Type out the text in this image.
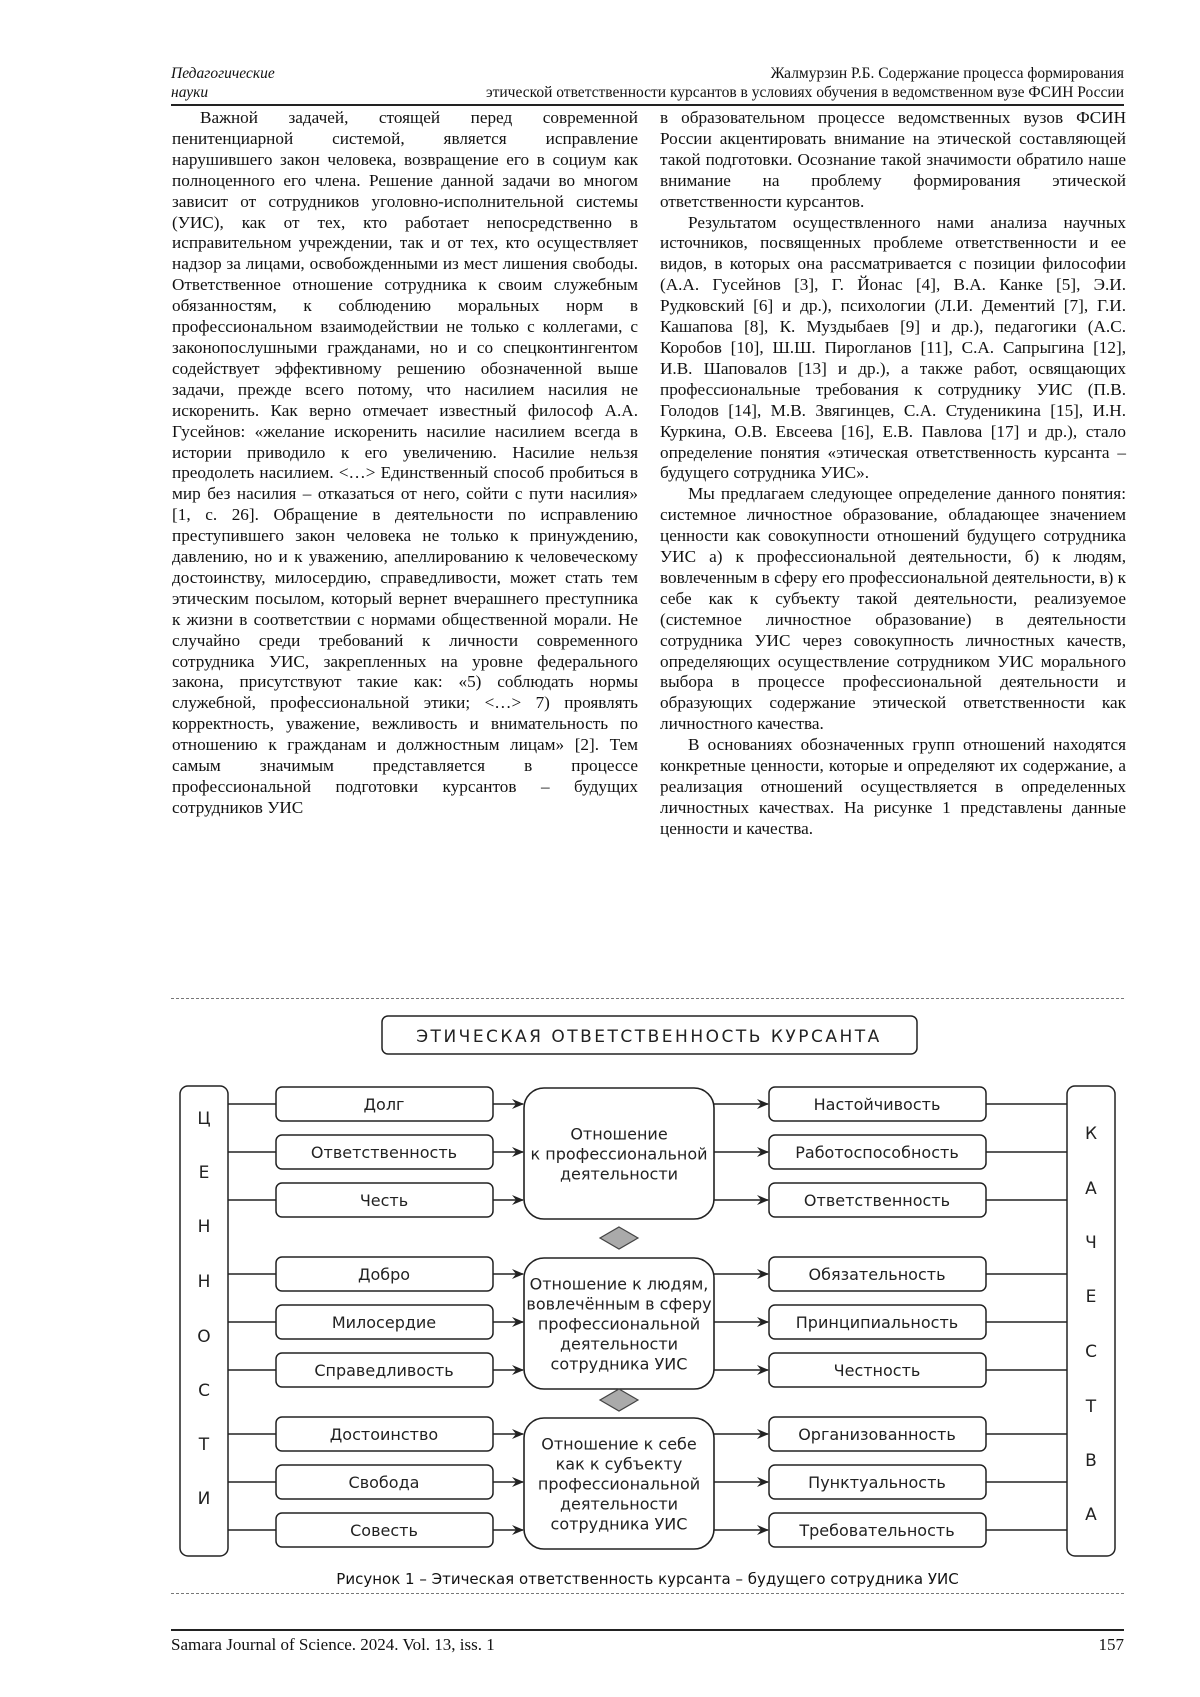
Педагогические
науки
Жалмурзин Р.Б. Содержание процесса формирования
этической ответственности курсантов в условиях обучения в ведомственном вузе ФСИН России

Важной задачей, стоящей перед современной пенитенциарной системой, является исправление нарушившего закон человека, возвращение его в социум как полноценного его члена. Решение данной задачи во многом зависит от сотрудников уголовно-исполнительной системы (УИС), как от тех, кто работает непосредственно в исправительном учреждении, так и от тех, кто осуществляет надзор за лицами, освобожденными из мест лишения свободы. Ответственное отношение сотрудника к своим служебным обязанностям, к соблюдению моральных норм в профессиональном взаимодействии не только с коллегами, с законопослушными гражданами, но и со спецконтингентом содействует эффективному решению обозначенной выше задачи, прежде всего потому, что насилием насилия не искоренить. Как верно отмечает известный философ А.А. Гусейнов: «желание искоренить насилие насилием всегда в истории приводило к его увеличению. Насилие нельзя преодолеть насилием. <…> Единственный способ пробиться в мир без насилия – отказаться от него, сойти с пути насилия» [1, с. 26]. Обращение в деятельности по исправлению преступившего закон человека не только к принуждению, давлению, но и к уважению, апеллированию к человеческому достоинству, милосердию, справедливости, может стать тем этическим посылом, который вернет вчерашнего преступника к жизни в соответствии с нормами общественной морали. Не случайно среди требований к личности современного сотрудника УИС, закрепленных на уровне федерального закона, присутствуют такие как: «5) соблюдать нормы служебной, профессиональной этики; <…> 7) проявлять корректность, уважение, вежливость и внимательность по отношению к гражданам и должностным лицам» [2]. Тем самым значимым представляется в процессе профессиональной подготовки курсантов – будущих сотрудников УИС

в образовательном процессе ведомственных вузов ФСИН России акцентировать внимание на этической составляющей такой подготовки. Осознание такой значимости обратило наше внимание на проблему формирования этической ответственности курсантов.

Результатом осуществленного нами анализа научных источников, посвященных проблеме ответственности и ее видов, в которых она рассматривается с позиции философии (А.А. Гусейнов [3], Г. Йонас [4], В.А. Канке [5], Э.И. Рудковский [6] и др.), психологии (Л.И. Дементий [7], Г.И. Кашапова [8], К. Муздыбаев [9] и др.), педагогики (А.С. Коробов [10], Ш.Ш. Пирогланов [11], С.А. Сапрыгина [12], И.В. Шаповалов [13] и др.), а также работ, освящающих профессиональные требования к сотруднику УИС (П.В. Голодов [14], М.В. Звягинцев, С.А. Студеникина [15], И.Н. Куркина, О.В. Евсеева [16], Е.В. Павлова [17] и др.), стало определение понятия «этическая ответственность курсанта – будущего сотрудника УИС».

Мы предлагаем следующее определение данного понятия: системное личностное образование, обладающее значением ценности как совокупности отношений будущего сотрудника УИС а) к профессиональной деятельности, б) к людям, вовлеченным в сферу его профессиональной деятельности, в) к себе как к субъекту такой деятельности, реализуемое (системное личностное образование) в деятельности сотрудника УИС через совокупность личностных качеств, определяющих осуществление сотрудником УИС морального выбора в процессе профессиональной деятельности и образующих содержание этической ответственности как личностного качества.

В основаниях обозначенных групп отношений находятся конкретные ценности, которые и определяют их содержание, а реализация отношений осуществляется в определенных личностных качествах. На рисунке 1 представлены данные ценности и качества.

ЭТИЧЕСКАЯ ОТВЕТСТВЕННОСТЬ КУРСАНТА
Ц
Е
Н
Н
О
С
Т
И
К
А
Ч
Е
С
Т
В
А
Отношение
к профессиональной
деятельности
Долг	Настойчивость
Ответственность	Работоспособность
Честь	Ответственность
Отношение к людям,
вовлечённым в сферу
профессиональной
деятельности
сотрудника УИС
Добро	Обязательность
Милосердие	Принципиальность
Справедливость	Честность
Отношение к себе
как к субъекту
профессиональной
деятельности
сотрудника УИС
Достоинство	Организованность
Свобода	Пунктуальность
Совесть	Требовательность
Рисунок 1 – Этическая ответственность курсанта – будущего сотрудника УИС
Samara Journal of Science. 2024. Vol. 13, iss. 1	157
